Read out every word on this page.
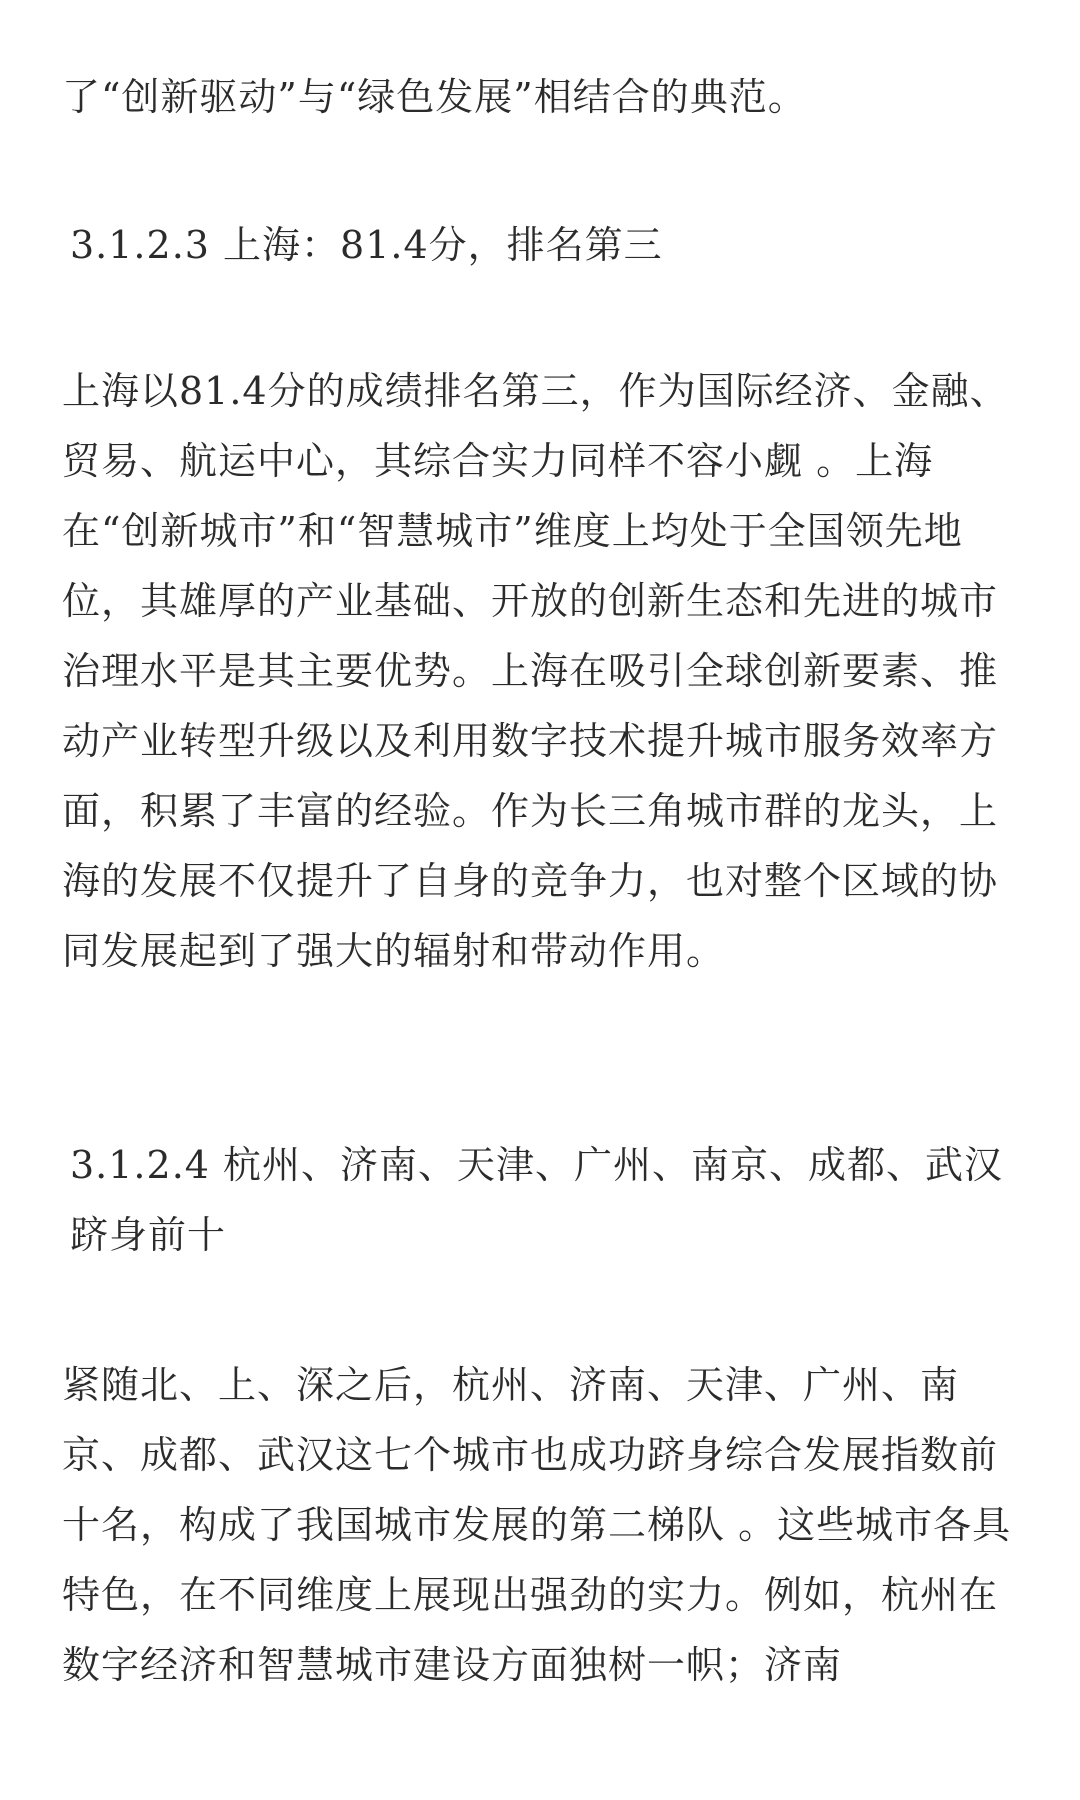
了“创新驱动”与“绿色发展”相结合的典范。
3.1.2.3 上海：81.4分，排名第三
上海以81.4分的成绩排名第三，作为国际经济、金融、贸易、航运中心，其综合实力同样不容小觑 。上海在“创新城市”和“智慧城市”维度上均处于全国领先地位，其雄厚的产业基础、开放的创新生态和先进的城市治理水平是其主要优势。上海在吸引全球创新要素、推动产业转型升级以及利用数字技术提升城市服务效率方面，积累了丰富的经验。作为长三角城市群的龙头，上海的发展不仅提升了自身的竞争力，也对整个区域的协同发展起到了强大的辐射和带动作用。
3.1.2.4 杭州、济南、天津、广州、南京、成都、武汉跻身前十
紧随北、上、深之后，杭州、济南、天津、广州、南京、成都、武汉这七个城市也成功跻身综合发展指数前十名，构成了我国城市发展的第二梯队 。这些城市各具特色，在不同维度上展现出强劲的实力。例如，杭州在数字经济和智慧城市建设方面独树一帜；济南
